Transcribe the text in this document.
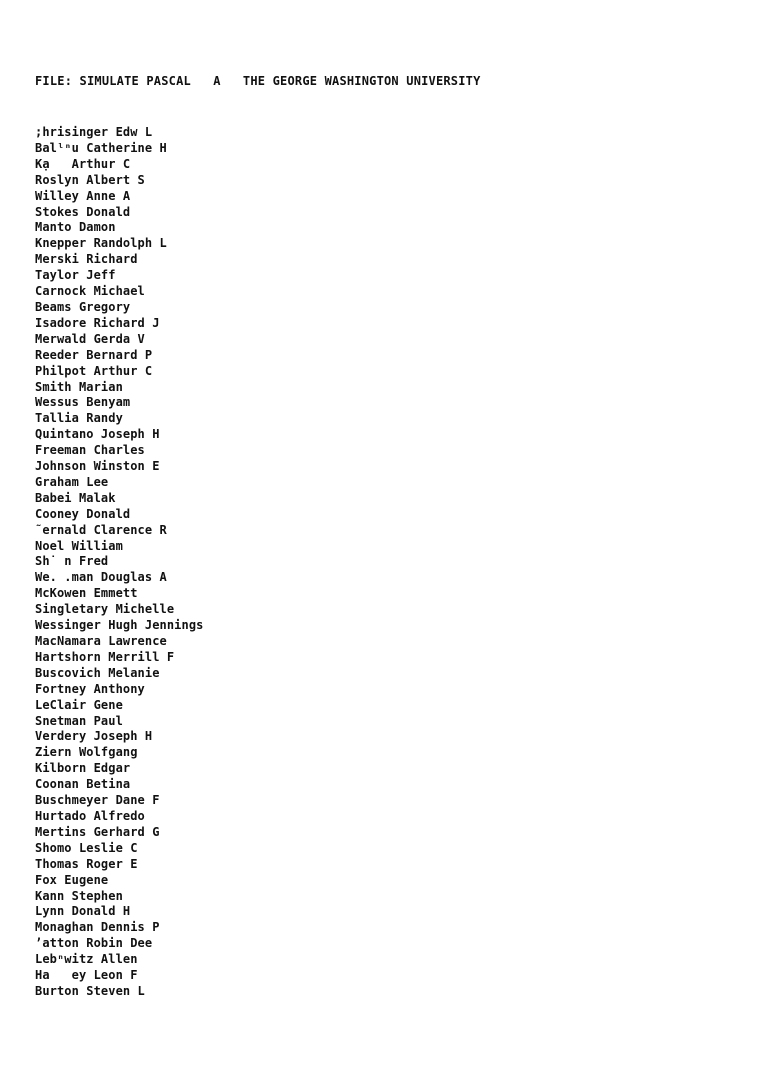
FILE: SIMULATE PASCAL A THE GEORGE WASHINGTON UNIVERSITY
;hrisinger Edw L
Balˡⁿu Catherine H
Kạ   Arthur C
Roslyn Albert S
Willey Anne A
Stokes Donald
Manto Damon
Knepper Randolph L
Merski Richard
Taylor Jeff
Carnock Michael
Beams Gregory
Isadore Richard J
Merwald Gerda V
Reeder Bernard P
Philpot Arthur C
Smith Marian
Wessus Benyam
Tallia Randy
Quintano Joseph H
Freeman Charles
Johnson Winston E
Graham Lee
Babei Malak
Cooney Donald
˜ernald Clarence R
Noel William
Sh˙ n Fred
We. .man Douglas A
McKowen Emmett
Singletary Michelle
Wessinger Hugh Jennings
MacNamara Lawrence
Hartshorn Merrill F
Buscovich Melanie
Fortney Anthony
LeClair Gene
Snetman Paul
Verdery Joseph H
Ziern Wolfgang
Kilborn Edgar
Coonan Betina
Buschmeyer Dane F
Hurtado Alfredo
Mertins Gerhard G
Shomo Leslie C
Thomas Roger E
Fox Eugene
Kann Stephen
Lynn Donald H
Monaghan Dennis P
ʼatton Robin Dee
Lebⁿwitz Allen
Ha   ey Leon F
Burton Steven L
